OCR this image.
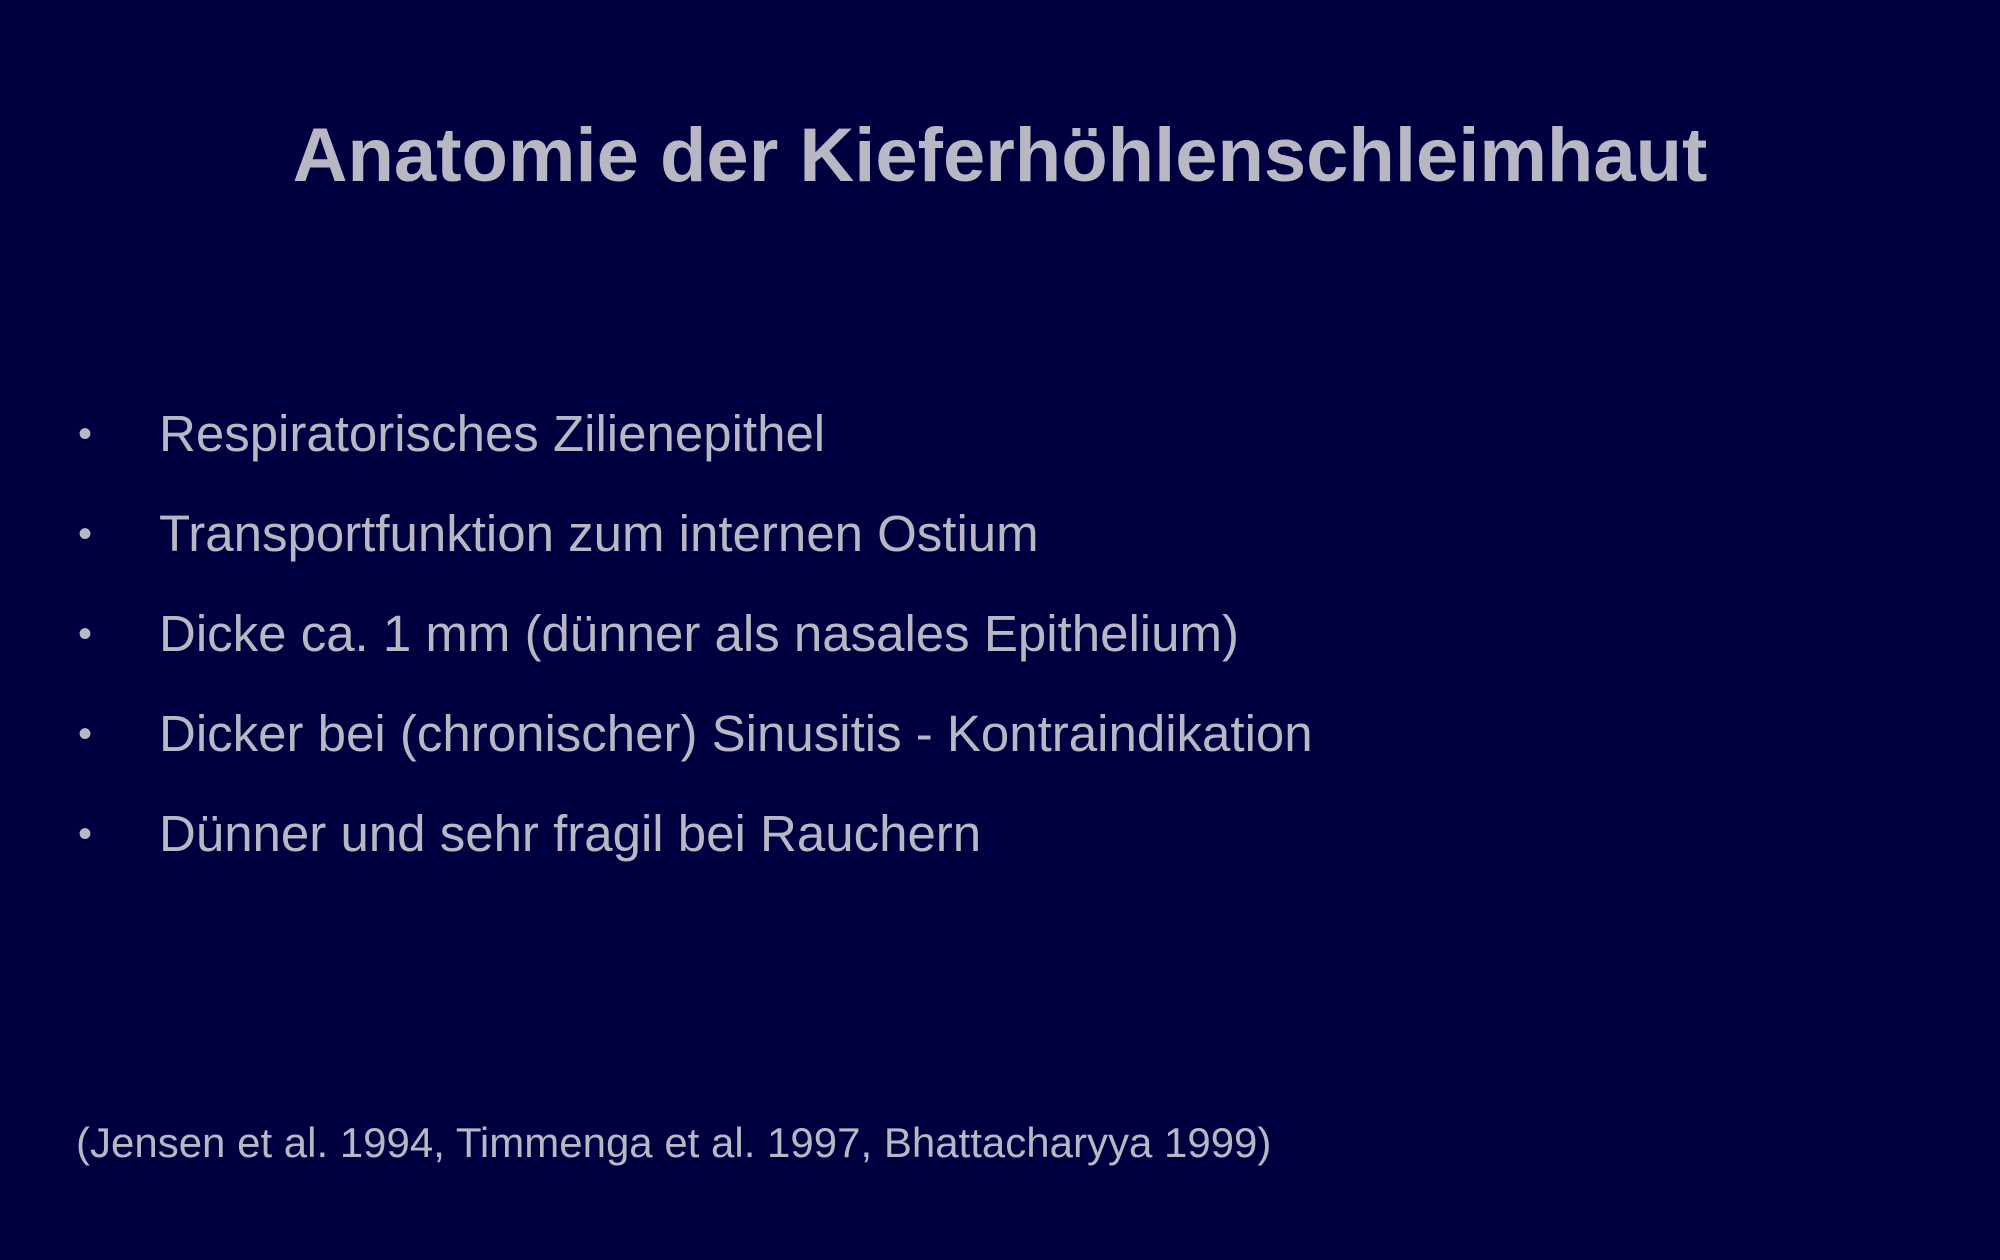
Anatomie der Kieferhöhlenschleimhaut
• Respiratorisches Zilienepithel
• Transportfunktion zum internen Ostium
• Dicke ca. 1 mm (dünner als nasales Epithelium)
• Dicker bei (chronischer) Sinusitis - Kontraindikation
• Dünner und sehr fragil bei Rauchern

(Jensen et al. 1994, Timmenga et al. 1997, Bhattacharyya 1999)
